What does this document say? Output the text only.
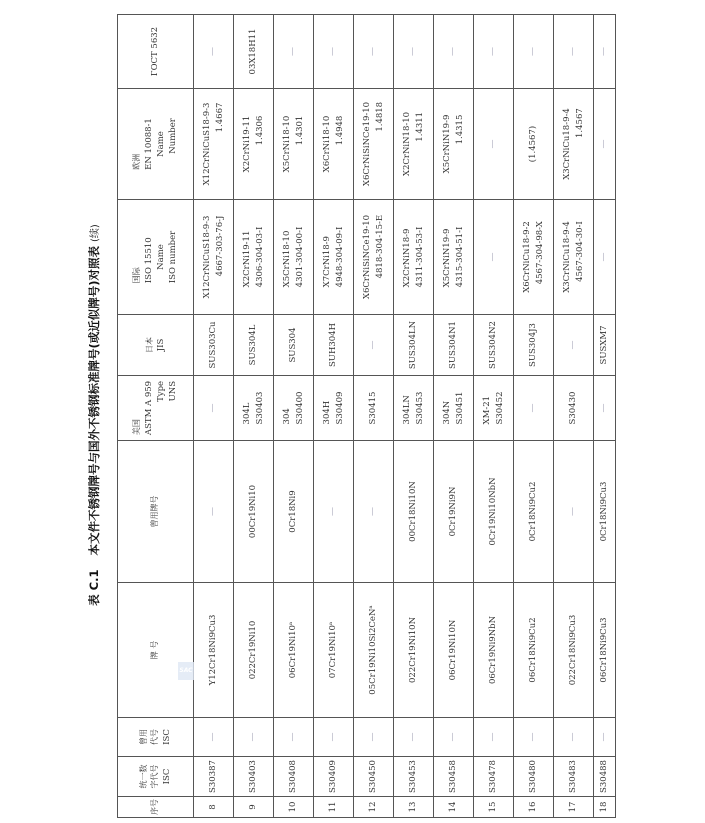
表 C.1本文件不锈钢牌号与国外不锈钢标准牌号(或近似牌号)对照表(续)
序号	统一数 字代号 ISC	曾用 代号 ISC	牌 号	曾用牌号	美国 ASTM A 959 Type UNS	日本 JIS	国际 ISO 15510 Name ISO number	欧洲 EN 10088-1 Name Number	ГОСТ 5632

8	S30387	—	Y12Cr18Ni9Cu3	—	—	SUS303Cu	X12CrNiCuS18-9-3 4667-303-76-J	X12CrNiCuS18-9-3 1.4667	—

9	S30403	—	022Cr19Ni10	00Cr19Ni10	304L S30403	SUS304L	X2CrNi19-11 4306-304-03-I	X2CrNi19-11 1.4306	03X18H11

10	S30408	—	06Cr19Ni10ᵃ	0Cr18Ni9	304 S30400	SUS304	X5CrNi18-10 4301-304-00-I	X5CrNi18-10 1.4301	—

11	S30409	—	07Cr19Ni10ᵃ	—	304H S30409	SUH304H	X7CrNi18-9 4948-304-09-I	X6CrNi18-10 1.4948	—

12	S30450	—	05Cr19Ni10Si2CeNᵃ	—	S30415	—	X6CrNiSiNCe19-10 4818-304-15-E	X6CrNiSiNCe19-10 1.4818	—

13	S30453	—	022Cr19Ni10N	00Cr18Ni10N	304LN S30453	SUS304LN	X2CrNiN18-9 4311-304-53-I	X2CrNiN18-10 1.4311	—

14	S30458	—	06Cr19Ni10N	0Cr19Ni9N	304N S30451	SUS304N1	X5CrNiN19-9 4315-304-51-I	X5CrNiN19-9 1.4315	—

15	S30478	—	06Cr19Ni9NbN	0Cr19Ni10NbN	XM-21 S30452	SUS304N2	—	—	—

16	S30480	—	06Cr18Ni9Cu2	0Cr18Ni9Cu2	—	SUS304J3	X6CrNiCu18-9-2 4567-304-98-X	(1.4567)	—

17	S30483	—	022Cr18Ni9Cu3	—	S30430	—	X3CrNiCu18-9-4 4567-304-30-I	X3CrNiCu18-9-4 1.4567	—

18	S30488	—	06Cr18Ni9Cu3	0Cr18Ni9Cu3	—	SUSXM7	—	—	—
SAC
